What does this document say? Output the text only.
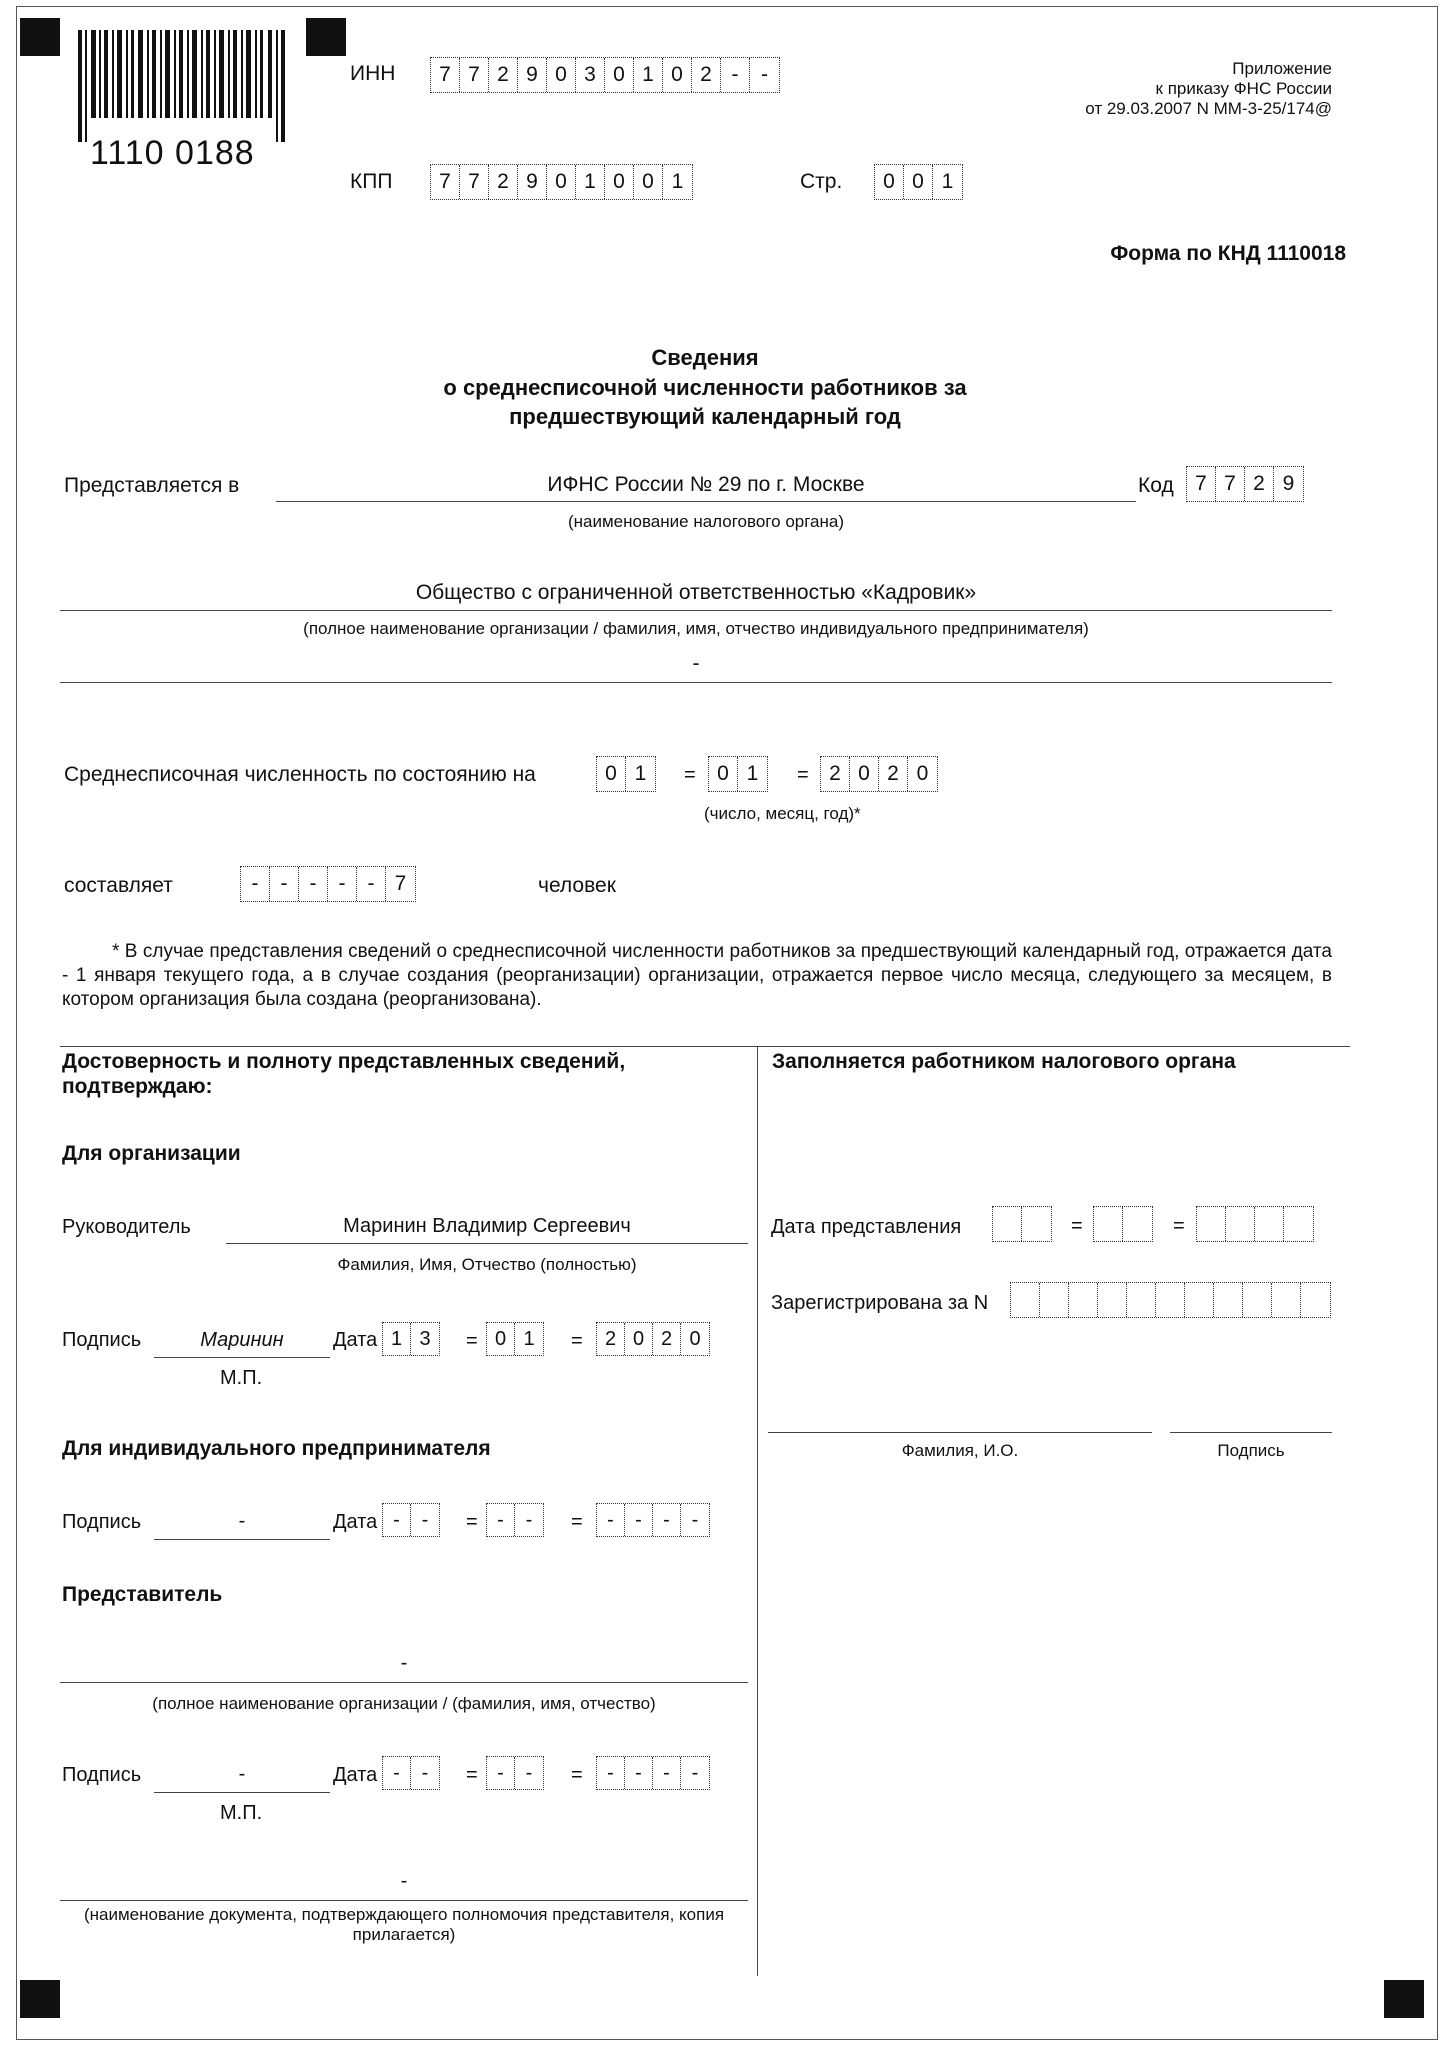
1110 0188
ИНН	7 7 2 9 0 3 0 1 0 2 -	-
КПП	7 7 2 9 0 1 0 0 1	Стр.	0 0 1
Приложение
к приказу ФНС России
от 29.03.2007 N ММ-3-25/174@
Форма по КНД 1110018
Сведения
о среднесписочной численности работников за
предшествующий календарный год
Представляется в	ИФНС России № 29 по г. Москве
(наименование налогового органа)
Код	7 7 2 9
Общество с ограниченной ответственностью «Кадровик»
(полное наименование организации / фамилия, имя, отчество индивидуального предпринимателя)
-
Среднесписочная численность по состоянию на	0 1	=	0 1	= 2 0 2 0
(число, месяц, год)*
составляет	-	-	-	-	- 7	человек
* В случае представления сведений о среднесписочной численности работников за предшествующий календарный год, отражается дата - 1 января текущего года, а в случае создания (реорганизации) организации, отражается первое число месяца, следующего за месяцем, в котором организация была создана (реорганизована).
Достоверность и полноту представленных сведений,
подтверждаю:
Для организации
Руководитель	Маринин Владимир Сергеевич
Фамилия, Имя, Отчество (полностью)
Подпись	Маринин	Дата 1 3	= 0 1	=	2 0 2 0
М.П.
Для индивидуального предпринимателя
Подпись	-	Дата -	-	= -	-	=	-	-	-	-
Представитель
-
(полное наименование организации / (фамилия, имя, отчество)
Подпись	-	Дата -	-	= -	-	=	-	-	-	-
М.П.
-
(наименование документа, подтверждающего полномочия представителя, копия
прилагается)
Заполняется работником налогового органа
Дата представления	=	=
Зарегистрирована за N
Фамилия, И.О.	Подпись
